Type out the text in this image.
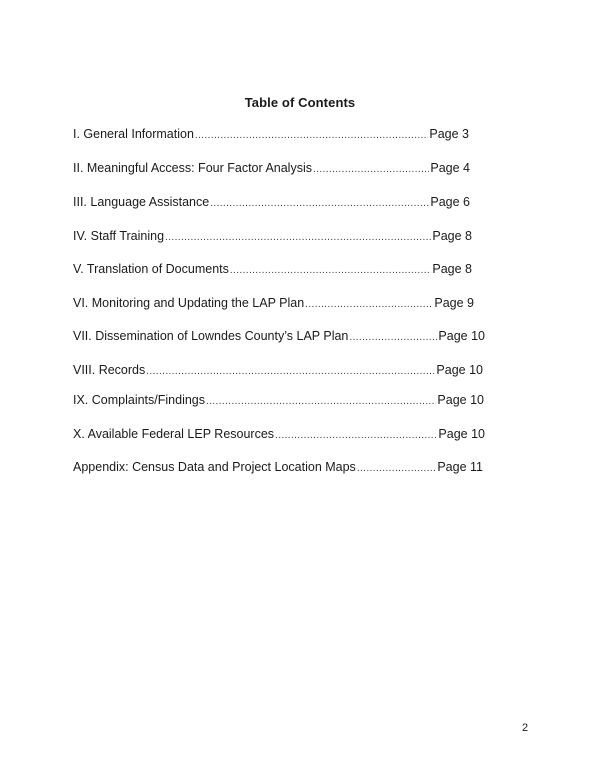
Table of Contents
I. General Information .....	Page 3
II. Meaningful Access: Four Factor Analysis .....	Page 4
III. Language Assistance .....	Page 6
IV. Staff Training .....	Page 8
V. Translation of Documents .....	Page 8
VI. Monitoring and Updating the LAP Plan .....	Page 9
VII. Dissemination of Lowndes County’s LAP Plan .....	Page 10
VIII. Records .....	Page 10
IX. Complaints/Findings .....	Page 10
X. Available Federal LEP Resources .....	Page 10
Appendix: Census Data and Project Location Maps .....	Page 11
2
